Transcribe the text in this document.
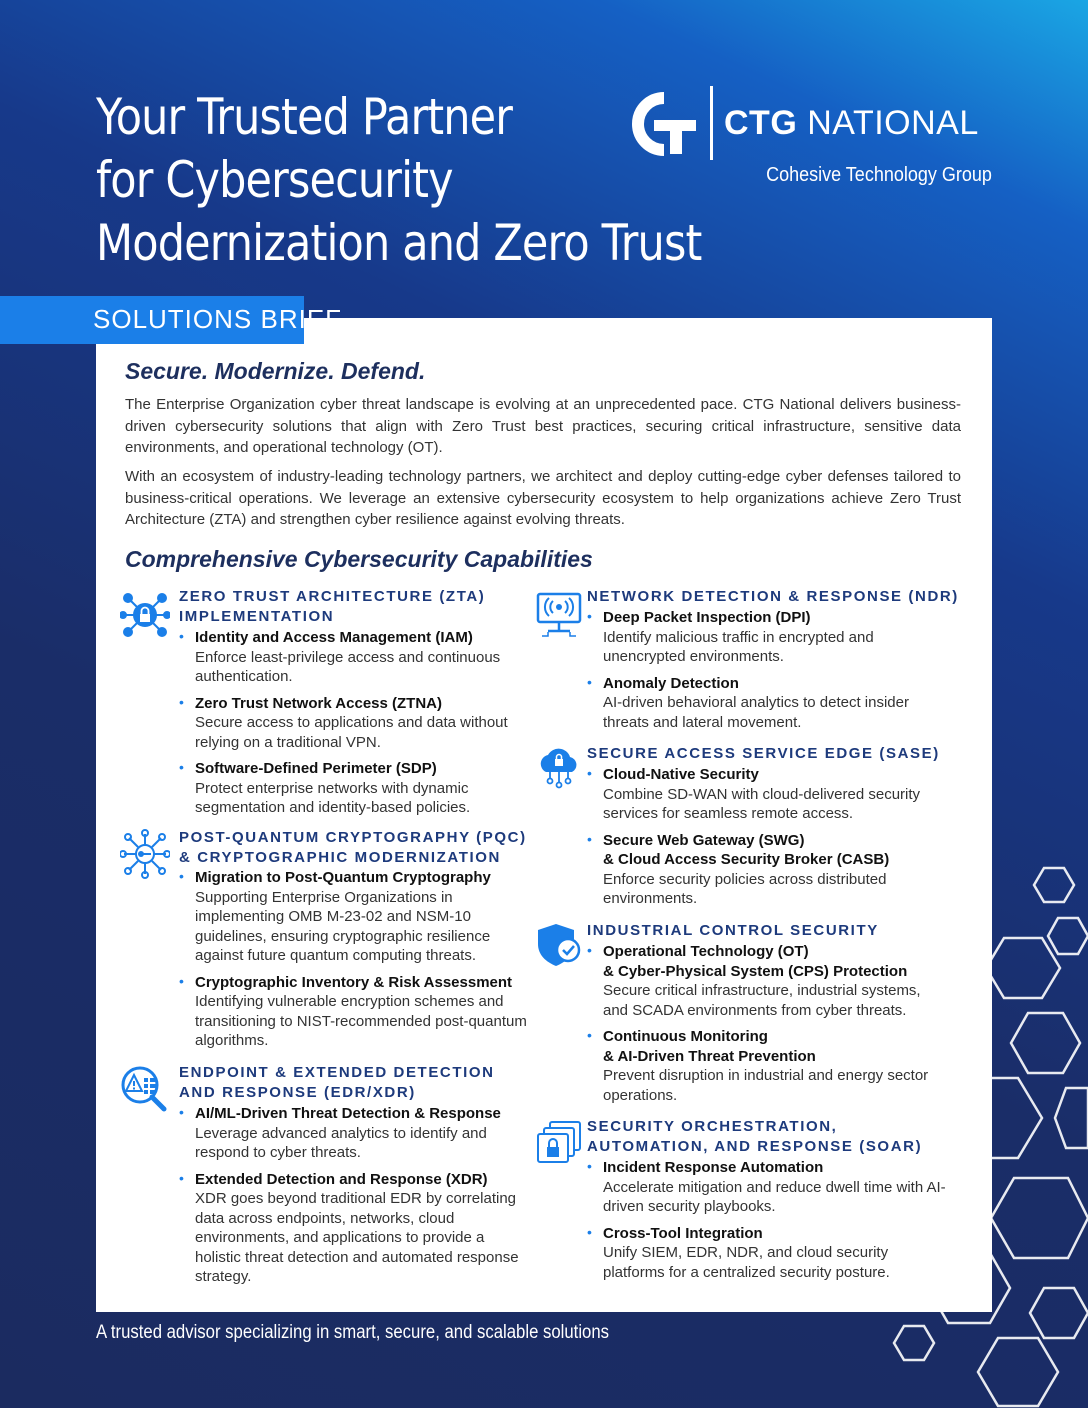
Your Trusted Partner
for Cybersecurity
Modernization and Zero Trust
CTG NATIONAL
Cohesive Technology Group
Secure. Modernize. Defend.

The Enterprise Organization cyber threat landscape is evolving at an unprecedented pace. CTG National delivers business-driven cybersecurity solutions that align with Zero Trust best practices, securing critical infrastructure, sensitive data environments, and operational technology (OT).

With an ecosystem of industry-leading technology partners, we architect and deploy cutting-edge cyber defenses tailored to business-critical operations. We leverage an extensive cybersecurity ecosystem to help organizations achieve Zero Trust Architecture (ZTA) and strengthen cyber resilience against evolving threats.

Comprehensive Cybersecurity Capabilities
ZERO TRUST ARCHITECTURE (ZTA)
IMPLEMENTATION
• Identity and Access Management (IAM)
Enforce least-privilege access and continuous authentication.
• Zero Trust Network Access (ZTNA)
Secure access to applications and data without relying on a traditional VPN.
• Software-Defined Perimeter (SDP)
Protect enterprise networks with dynamic segmentation and identity-based policies.
POST-QUANTUM CRYPTOGRAPHY (PQC)
& CRYPTOGRAPHIC MODERNIZATION
• Migration to Post-Quantum Cryptography
Supporting Enterprise Organizations in implementing OMB M-23-02 and NSM-10 guidelines, ensuring cryptographic resilience against future quantum computing threats.
• Cryptographic Inventory & Risk Assessment
Identifying vulnerable encryption schemes and transitioning to NIST-recommended post-quantum algorithms.
ENDPOINT & EXTENDED DETECTION
AND RESPONSE (EDR/XDR)
• AI/ML-Driven Threat Detection & Response
Leverage advanced analytics to identify and respond to cyber threats.
• Extended Detection and Response (XDR)
XDR goes beyond traditional EDR by correlating data across endpoints, networks, cloud environments, and applications to provide a holistic threat detection and automated response strategy.
NETWORK DETECTION & RESPONSE (NDR)
• Deep Packet Inspection (DPI)
Identify malicious traffic in encrypted and unencrypted environments.
• Anomaly Detection
AI-driven behavioral analytics to detect insider threats and lateral movement.
SECURE ACCESS SERVICE EDGE (SASE)
• Cloud-Native Security
Combine SD-WAN with cloud-delivered security services for seamless remote access.
• Secure Web Gateway (SWG)
& Cloud Access Security Broker (CASB)
Enforce security policies across distributed environments.
INDUSTRIAL CONTROL SECURITY
• Operational Technology (OT)
& Cyber-Physical System (CPS) Protection
Secure critical infrastructure, industrial systems, and SCADA environments from cyber threats.
• Continuous Monitoring
& AI-Driven Threat Prevention
Prevent disruption in industrial and energy sector operations.
SECURITY ORCHESTRATION,
AUTOMATION, AND RESPONSE (SOAR)
• Incident Response Automation
Accelerate mitigation and reduce dwell time with AI-driven security playbooks.
• Cross-Tool Integration
Unify SIEM, EDR, NDR, and cloud security platforms for a centralized security posture.
SOLUTIONS BRIEF
A trusted advisor specializing in smart, secure, and scalable solutions
